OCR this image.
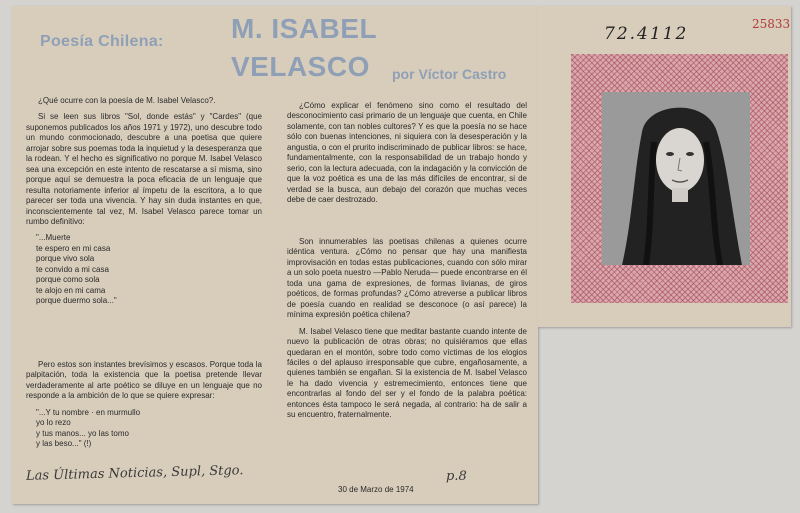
Poesía Chilena: M. ISABEL
VELASCO	por Víctor Castro

¿Qué ocurre con la poesía de M. Isabel Velasco?.

Si se leen sus libros "Sol, donde estás" y "Cardes" (que suponemos publicados los años 1971 y 1972), uno descubre todo un mundo conmocionado, descubre a una poetisa que quiere arrojar sobre sus poemas toda la inquietud y la desesperanza que la rodean. Y el hecho es significativo no porque M. Isabel Velasco sea una excepción en este intento de rescatarse a sí misma, sino porque aquí se demuestra la poca eficacia de un lenguaje que resulta notoriamente inferior al ímpetu de la escritora, a lo que parecer ser toda una vivencia. Y hay sin duda instantes en que, inconscientemente tal vez, M. Isabel Velasco parece tomar un rumbo definitivo:

"...Muerte
te espero en mi casa
porque vivo sola
te convido a mi casa
porque como sola
te alojo en mi cama
porque duermo sola..."

Pero estos son instantes brevísimos y escasos. Porque toda la palpitación, toda la existencia que la poetisa pretende llevar verdaderamente al arte poético se diluye en un lenguaje que no responde a la ambición de lo que se quiere expresar:

"...Y tu nombre · en murmullo
yo lo rezo
y tus manos... yo las tomo
y las beso..." (!)

¿Cómo explicar el fenómeno sino como el resultado del desconocimiento casi primario de un lenguaje que cuenta, en Chile solamente, con tan nobles cultores? Y es que la poesía no se hace sólo con buenas intenciones, ni siquiera con la desesperación y la angustia, o con el prurito indiscriminado de publicar libros: se hace, fundamentalmente, con la responsabilidad de un trabajo hondo y serio, con la lectura adecuada, con la indagación y la convicción de que la voz poética es una de las más difíciles de encontrar, si de verdad se la busca, aun debajo del corazón que muchas veces debe de caer destrozado.

Son innumerables las poetisas chilenas a quienes ocurre idéntica ventura. ¿Cómo no pensar que hay una manifiesta improvisación en todas estas publicaciones, cuando con sólo mirar a un solo poeta nuestro —Pablo Neruda— puede encontrarse en él toda una gama de expresiones, de formas livianas, de giros poéticos, de formas profundas? ¿Cómo atreverse a publicar libros de poesía cuando en realidad se desconoce (o así parece) la mínima expresión poética chilena?

M. Isabel Velasco tiene que meditar bastante cuando intente de nuevo la publicación de otras obras; no quisiéramos que ellas quedaran en el montón, sobre todo como víctimas de los elogios fáciles o del aplauso irresponsable que cubre, engañosamente, a quienes también se engañan. Si la existencia de M. Isabel Velasco le ha dado vivencia y estremecimiento, entonces tiene que encontrarlas al fondo del ser y el fondo de la palabra poética: entonces ésta tampoco le será negada, al contrario: ha de salir a su encuentro, fraternalmente.

30 de Marzo de 1974
Las Últimas Noticias, Supl, Stgo.	p.8
72.4112	25833
